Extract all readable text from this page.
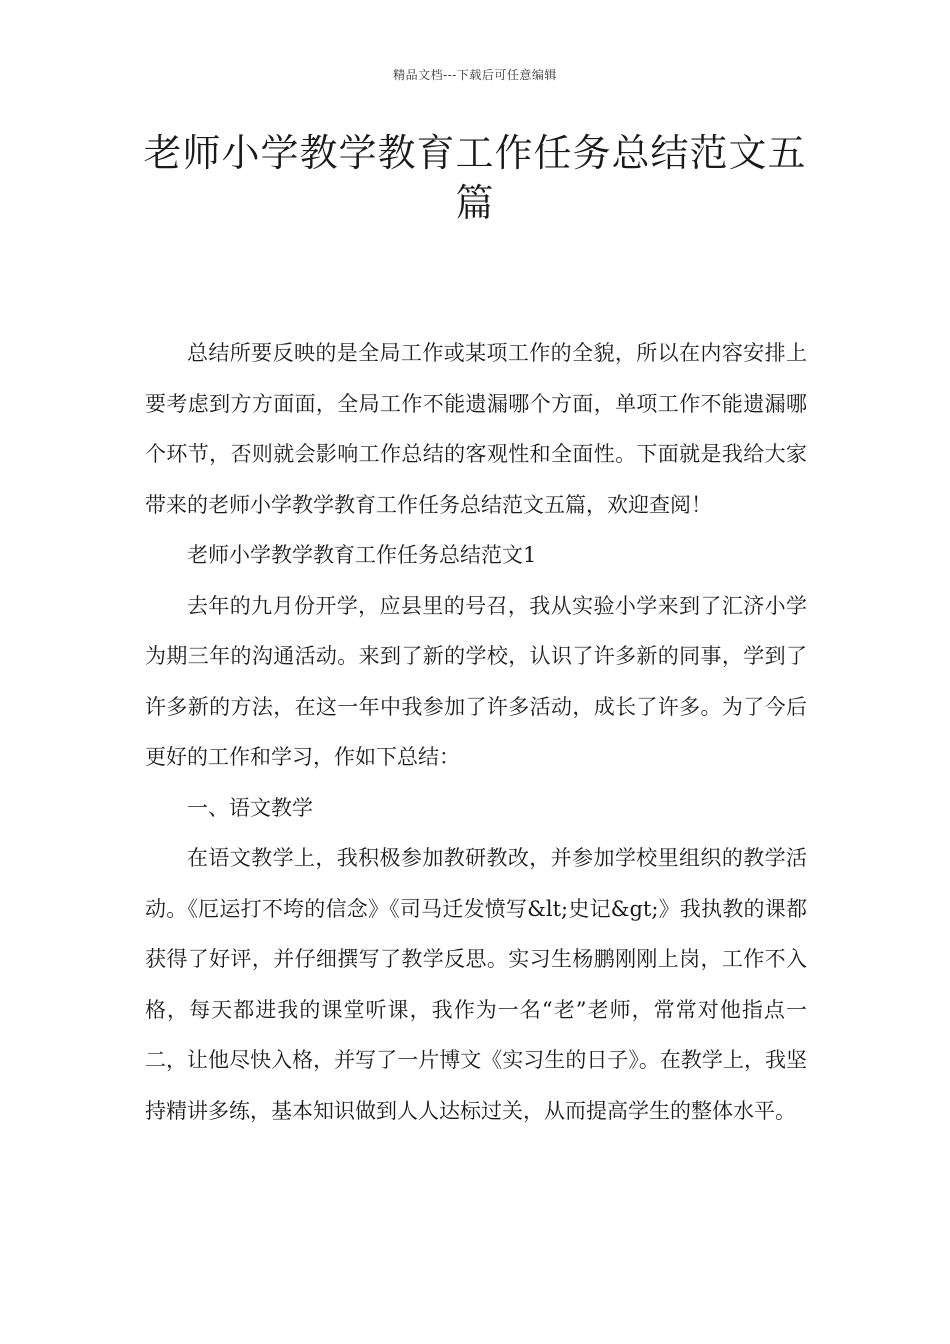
精品文档---下载后可任意编辑
老师小学教学教育工作任务总结范文五篇

总结所要反映的是全局工作或某项工作的全貌，所以在内容安排上要考虑到方方面面，全局工作不能遗漏哪个方面，单项工作不能遗漏哪个环节，否则就会影响工作总结的客观性和全面性。下面就是我给大家带来的老师小学教学教育工作任务总结范文五篇，欢迎查阅！

老师小学教学教育工作任务总结范文1

去年的九月份开学，应县里的号召，我从实验小学来到了汇济小学为期三年的沟通活动。来到了新的学校，认识了许多新的同事，学到了许多新的方法，在这一年中我参加了许多活动，成长了许多。为了今后更好的工作和学习，作如下总结：

一、语文教学

在语文教学上，我积极参加教研教改，并参加学校里组织的教学活动。《厄运打不垮的信念》《司马迁发愤写&lt;史记&gt;》我执教的课都获得了好评，并仔细撰写了教学反思。实习生杨鹏刚刚上岗，工作不入格，每天都进我的课堂听课，我作为一名“老”老师，常常对他指点一二，让他尽快入格，并写了一片博文《实习生的日子》。在教学上，我坚持精讲多练，基本知识做到人人达标过关，从而提高学生的整体水平。
